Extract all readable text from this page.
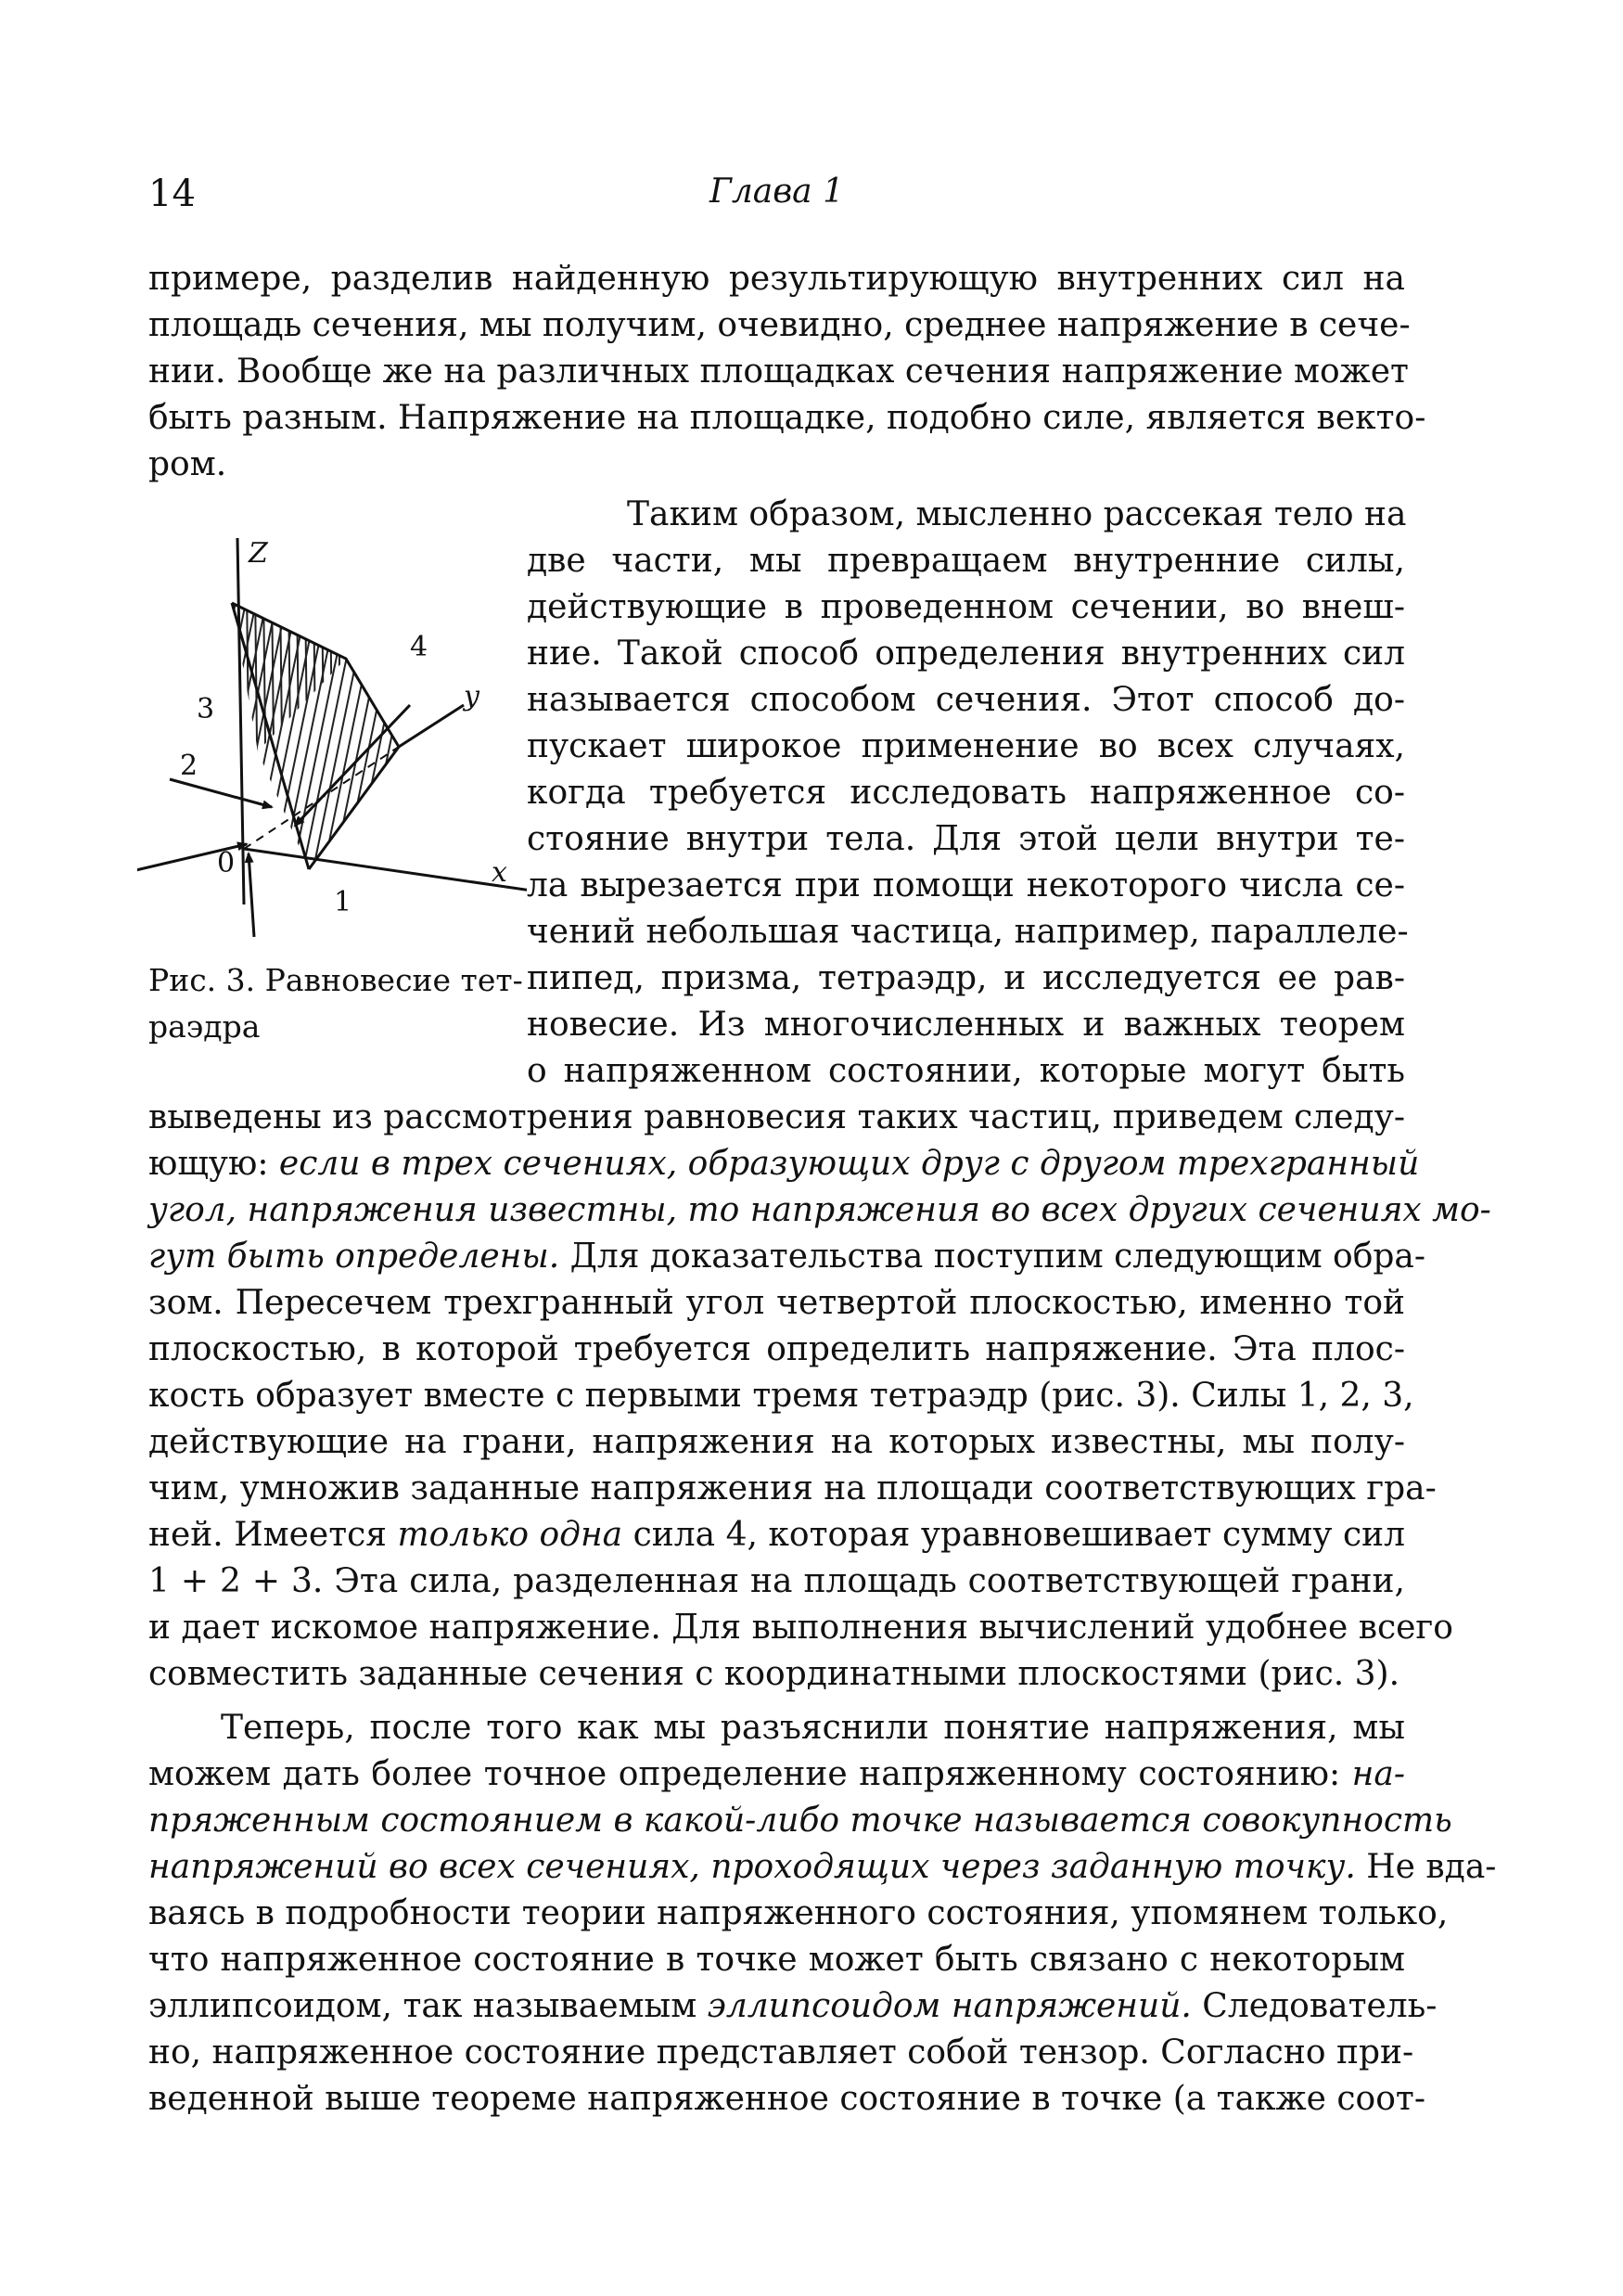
14	Глава 1
примере, разделив найденную результирующую внутренних сил на
площадь сечения, мы получим, очевидно, среднее напряжение в сече-
нии. Вообще же на различных площадках сечения напряжение может
быть разным. Напряжение на площадке, подобно силе, является векто-
ром.
Таким образом, мысленно рассекая тело на
две части, мы превращаем внутренние силы,
действующие в проведенном сечении, во внеш-
ние. Такой способ определения внутренних сил
называется способом сечения. Этот способ до-
пускает широкое применение во всех случаях,
когда требуется исследовать напряженное со-
стояние внутри тела. Для этой цели внутри те-
ла вырезается при помощи некоторого числа се-
чений небольшая частица, например, параллеле-
пипед, призма, тетраэдр, и исследуется ее рав-
новесие. Из многочисленных и важных теорем
о напряженном состоянии, которые могут быть
Z
y
x
0
1
2
3
4
Рис. 3. Равновесие тет-
раэдра
выведены из рассмотрения равновесия таких частиц, приведем следу-
ющую: если в трех сечениях, образующих друг с другом трехгранный
угол, напряжения известны, то напряжения во всех других сечениях мо-
гут быть определены. Для доказательства поступим следующим обра-
зом. Пересечем трехгранный угол четвертой плоскостью, именно той
плоскостью, в которой требуется определить напряжение. Эта плос-
кость образует вместе с первыми тремя тетраэдр (рис. 3). Силы 1, 2, 3,
действующие на грани, напряжения на которых известны, мы полу-
чим, умножив заданные напряжения на площади соответствующих гра-
ней. Имеется только одна сила 4, которая уравновешивает сумму сил
1 + 2 + 3. Эта сила, разделенная на площадь соответствующей грани,
и дает искомое напряжение. Для выполнения вычислений удобнее всего
совместить заданные сечения с координатными плоскостями (рис. 3).
Теперь, после того как мы разъяснили понятие напряжения, мы
можем дать более точное определение напряженному состоянию: на-
пряженным состоянием в какой-либо точке называется совокупность
напряжений во всех сечениях, проходящих через заданную точку. Не вда-
ваясь в подробности теории напряженного состояния, упомянем только,
что напряженное состояние в точке может быть связано с некоторым
эллипсоидом, так называемым эллипсоидом напряжений. Следователь-
но, напряженное состояние представляет собой тензор. Согласно при-
веденной выше теореме напряженное состояние в точке (а также соот-
